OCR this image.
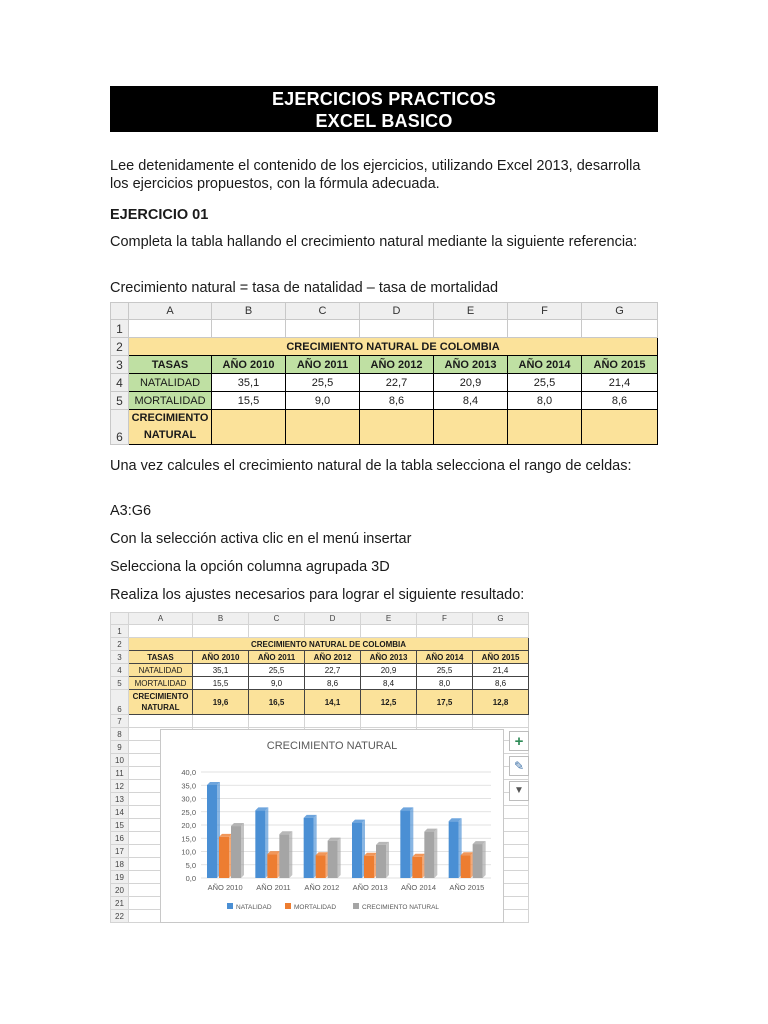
EJERCICIOS PRACTICOS
EXCEL BASICO
Lee detenidamente el contenido de los ejercicios, utilizando Excel 2013, desarrolla los ejercicios propuestos, con la fórmula adecuada.
EJERCICIO 01
Completa la tabla hallando el crecimiento natural mediante la siguiente referencia:
Crecimiento natural = tasa de natalidad – tasa de mortalidad
	A	B	C	D	E	F	G
1							
2	CRECIMIENTO NATURAL DE COLOMBIA						
3	TASAS	AÑO 2010	AÑO 2011	AÑO 2012	AÑO 2013	AÑO 2014	AÑO 2015
4	NATALIDAD	35,1	25,5	22,7	20,9	25,5	21,4
5	MORTALIDAD	15,5	9,0	8,6	8,4	8,0	8,6
6	CRECIMIENTO NATURAL						
Una vez calcules el crecimiento natural de la tabla selecciona el rango de celdas:
A3:G6
Con la selección activa clic en el menú insertar
Selecciona la opción columna agrupada 3D
Realiza los ajustes necesarios para lograr el siguiente resultado:
	A	B	C	D	E	F	G
1							
2	CRECIMIENTO NATURAL DE COLOMBIA						
3	TASAS	AÑO 2010	AÑO 2011	AÑO 2012	AÑO 2013	AÑO 2014	AÑO 2015
4	NATALIDAD	35,1	25,5	22,7	20,9	25,5	21,4
5	MORTALIDAD	15,5	9,0	8,6	8,4	8,0	8,6
6	CRECIMIENTO NATURAL	19,6	16,5	14,1	12,5	17,5	12,8
7							
8							
9							
10							
11							
12							
13							
14							
15							
16							
17							
18							
19							
20							
21							
22							
CRECIMIENTO NATURAL
0,0
5,0
10,0
15,0
20,0
25,0
30,0
35,0
40,0
AÑO 2010 AÑO 2011 AÑO 2012 AÑO 2013 AÑO 2014 AÑO 2015
NATALIDAD	MORTALIDAD	CRECIMIENTO NATURAL
+
✎
▼
